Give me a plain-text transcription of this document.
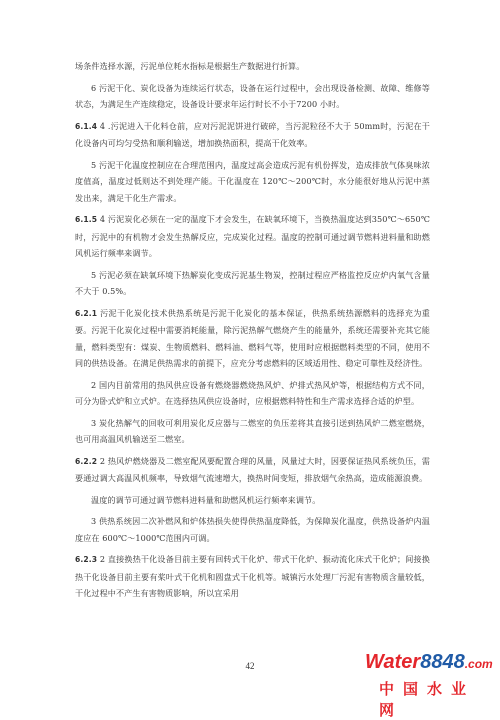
场条件选择水源，污泥单位耗水指标是根据生产数据进行折算。

6 污泥干化、炭化设备为连续运行状态，设备在运行过程中，会出现设备检测、故障、维修等状态，为满足生产连续稳定，设备设计要求年运行时长不小于7200 小时。

6.1.4 4 .污泥进入干化料仓前，应对污泥泥饼进行破碎，当污泥粒径不大于 50mm时，污泥在干化设备内可均匀受热和顺利输送，增加换热面积，提高干化效率。

5 污泥干化温度控制应在合理范围内，温度过高会造成污泥有机份挥发，造成排放气体臭味浓度值高，温度过低则达不到处理产能。干化温度在 120℃～200℃时，水分能很好地从污泥中蒸发出来，满足干化生产需求。

6.1.5 4 污泥炭化必须在一定的温度下才会发生，在缺氧环境下，当换热温度达到350℃～650℃时，污泥中的有机物才会发生热解反应，完成炭化过程。温度的控制可通过调节燃料进料量和助燃风机运行频率来调节。

5 污泥必须在缺氧环境下热解炭化变成污泥基生物炭，控制过程应严格监控反应炉内氧气含量不大于 0.5%。

6.2.1 污泥干化炭化技术供热系统是污泥干化炭化的基本保证，供热系统热源燃料的选择充为重要。污泥干化炭化过程中需要消耗能量，除污泥热解气燃烧产生的能量外，系统还需要补充其它能量，燃料类型有：煤炭、生物质燃料、燃料油、燃料气等，使用时应根据燃料类型的不同，使用不同的供热设备。在满足供热需求的前提下，应充分考虑燃料的区域适用性、稳定可靠性及经济性。

2 国内目前常用的热风供应设备有燃烧器燃烧热风炉、炉排式热风炉等，根据结构方式不同，可分为卧式炉和立式炉。在选择热风供应设备时，应根据燃料特性和生产需求选择合适的炉型。

3 炭化热解气的回收可利用炭化反应器与二燃室的负压差将其直接引送到热风炉二燃室燃烧，也可用高温风机输送至二燃室。

6.2.2 2 热风炉燃烧器及二燃室配风要配置合理的风量，风量过大时，因要保证热风系统负压，需要通过调大高温风机频率，导致烟气流速增大，换热时间变短，排放烟气余热高，造成能源浪费。

温度的调节可通过调节燃料进料量和助燃风机运行频率来调节。

3 供热系统因二次补燃风和炉体热损失使得供热温度降低，为保障炭化温度，供热设备炉内温度应在 600℃～1000℃范围内可调。

6.2.3 2 直接换热干化设备目前主要有回转式干化炉、带式干化炉、振动流化床式干化炉；间接换热干化设备目前主要有桨叶式干化机和圆盘式干化机等。城镇污水处理厂污泥有害物质含量较低，干化过程中不产生有害物质影响，所以宜采用

42	Water8848.com
中国水业网
